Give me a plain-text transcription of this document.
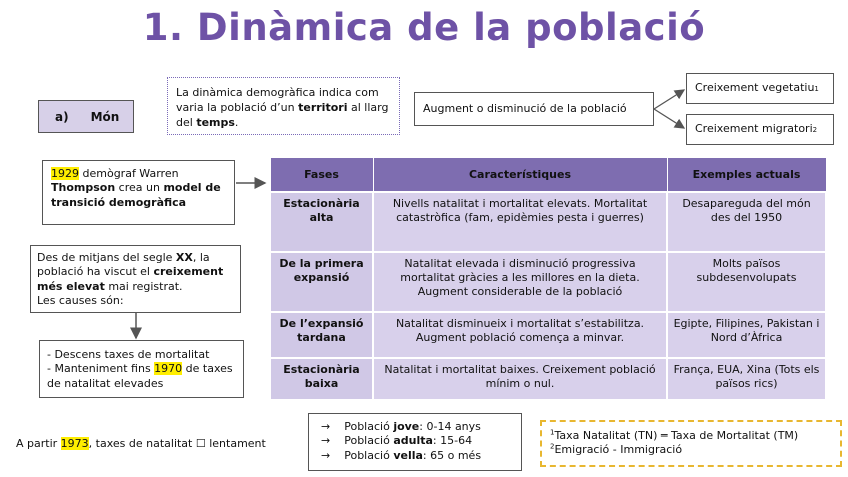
1. Dinàmica de la població
a) Món
La dinàmica demogràfica indica com varia la població d’un territori al llarg del temps.
Augment o disminució de la població
Creixement vegetatiu 1
Creixement migratori 2
1929 demògraf Warren Thompson crea un model de transició demogràfica
Des de mitjans del segle XX, la població ha viscut el creixement més elevat mai registrat.
Les causes són:
- Descens taxes de mortalitat
- Manteniment fins 1970 de taxes de natalitat elevades
Fases	Característiques	Exemples actuals
Estacionària alta	Nivells natalitat i mortalitat elevats. Mortalitat catastròfica (fam, epidèmies pesta i guerres)	Desapareguda del món des del 1950
De la primera expansió	Natalitat elevada i disminució progressiva mortalitat gràcies a les millores en la dieta. Augment considerable de la població	Molts països subdesenvolupats
De l’expansió tardana	Natalitat disminueix i mortalitat s’estabilitza. Augment població comença a minvar.	Egipte, Filipines, Pakistan i Nord d’Àfrica
Estacionària baixa	Natalitat i mortalitat baixes. Creixement població mínim o nul.	França, EUA, Xina (Tots els països rics)
A partir 1973, taxes de natalitat ☐ lentament
→ Població jove: 0-14 anys
→ Població adulta: 15-64
→ Població vella: 65 o més
$^1$Taxa Natalitat (TN) ═ Taxa de Mortalitat (TM)
$^2$Emigració - Immigració
